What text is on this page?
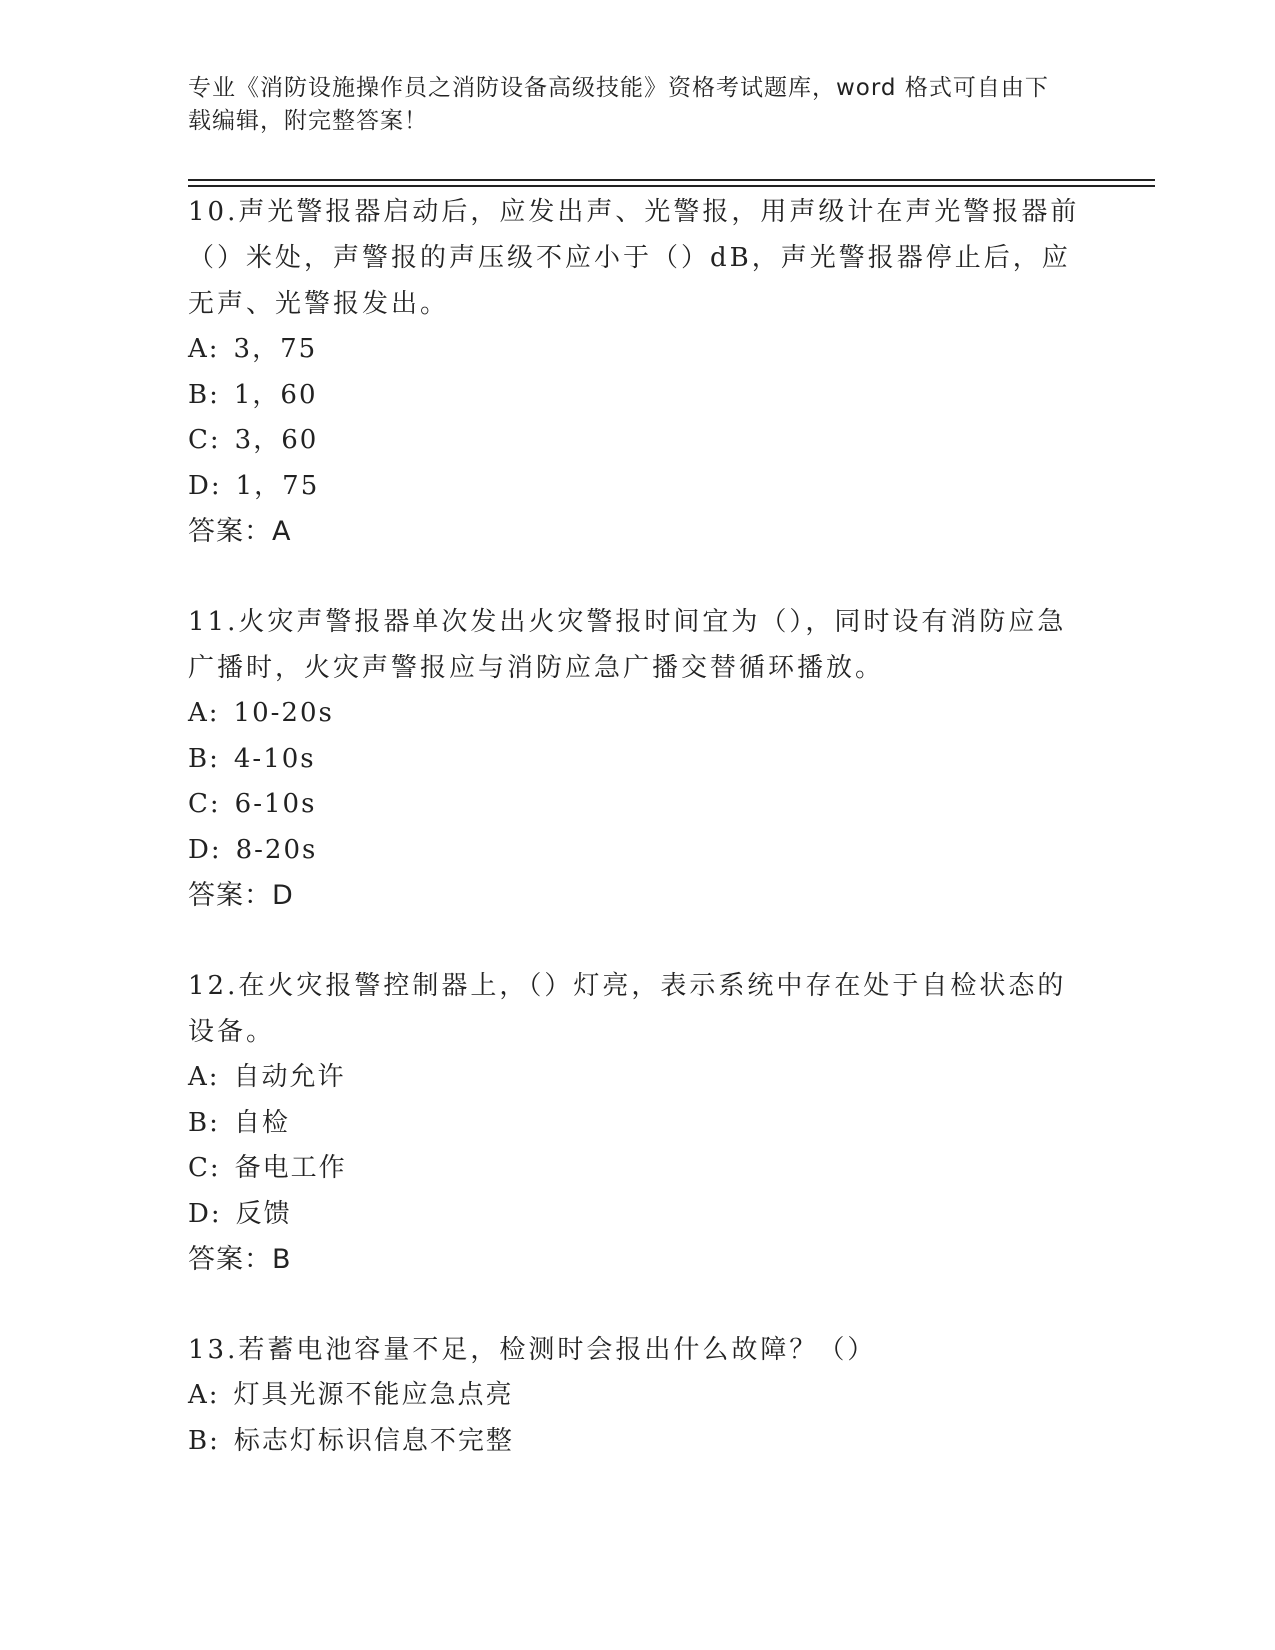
专业《消防设施操作员之消防设备高级技能》资格考试题库，word 格式可自由下
载编辑，附完整答案！

10.声光警报器启动后，应发出声、光警报，用声级计在声光警报器前（）米处，声警报的声压级不应小于（）dB，声光警报器停止后，应无声、光警报发出。

A: 3，75
B: 1，60
C: 3，60
D: 1，75
答案：A

11.火灾声警报器单次发出火灾警报时间宜为（），同时设有消防应急广播时，火灾声警报应与消防应急广播交替循环播放。

A: 10-20s
B: 4-10s
C: 6-10s
D: 8-20s
答案：D

12.在火灾报警控制器上，（）灯亮，表示系统中存在处于自检状态的设备。

A: 自动允许
B: 自检
C: 备电工作
D: 反馈
答案：B

13.若蓄电池容量不足，检测时会报出什么故障？（）

A: 灯具光源不能应急点亮
B: 标志灯标识信息不完整
